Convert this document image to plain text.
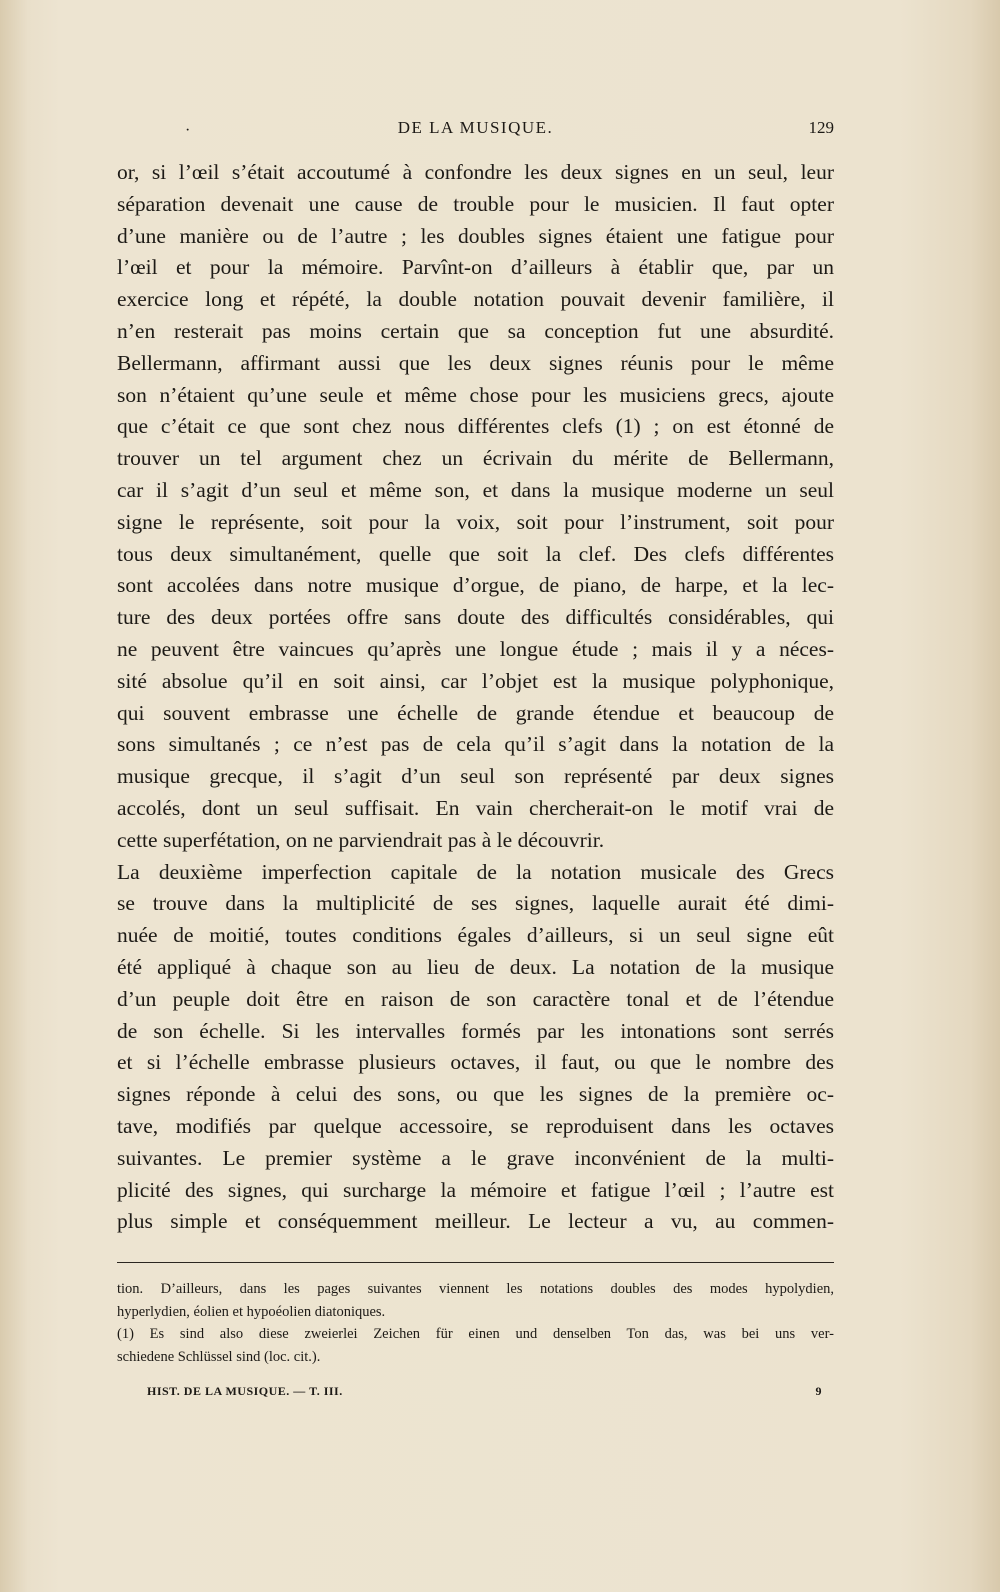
·	DE LA MUSIQUE.	129
or, si l’œil s’était accoutumé à confondre les deux signes en un seul, leur
séparation devenait une cause de trouble pour le musicien. Il faut opter
d’une manière ou de l’autre ; les doubles signes étaient une fatigue pour
l’œil et pour la mémoire. Parvînt-on d’ailleurs à établir que, par un
exercice long et répété, la double notation pouvait devenir familière, il
n’en resterait pas moins certain que sa conception fut une absurdité.
Bellermann, affirmant aussi que les deux signes réunis pour le même
son n’étaient qu’une seule et même chose pour les musiciens grecs, ajoute
que c’était ce que sont chez nous différentes clefs (1) ; on est étonné de
trouver un tel argument chez un écrivain du mérite de Bellermann,
car il s’agit d’un seul et même son, et dans la musique moderne un seul
signe le représente, soit pour la voix, soit pour l’instrument, soit pour
tous deux simultanément, quelle que soit la clef. Des clefs différentes
sont accolées dans notre musique d’orgue, de piano, de harpe, et la lec-
ture des deux portées offre sans doute des difficultés considérables, qui
ne peuvent être vaincues qu’après une longue étude ; mais il y a néces-
sité absolue qu’il en soit ainsi, car l’objet est la musique polyphonique,
qui souvent embrasse une échelle de grande étendue et beaucoup de
sons simultanés ; ce n’est pas de cela qu’il s’agit dans la notation de la
musique grecque, il s’agit d’un seul son représenté par deux signes
accolés, dont un seul suffisait. En vain chercherait-on le motif vrai de
cette superfétation, on ne parviendrait pas à le découvrir.
La deuxième imperfection capitale de la notation musicale des Grecs
se trouve dans la multiplicité de ses signes, laquelle aurait été dimi-
nuée de moitié, toutes conditions égales d’ailleurs, si un seul signe eût
été appliqué à chaque son au lieu de deux. La notation de la musique
d’un peuple doit être en raison de son caractère tonal et de l’étendue
de son échelle. Si les intervalles formés par les intonations sont serrés
et si l’échelle embrasse plusieurs octaves, il faut, ou que le nombre des
signes réponde à celui des sons, ou que les signes de la première oc-
tave, modifiés par quelque accessoire, se reproduisent dans les octaves
suivantes. Le premier système a le grave inconvénient de la multi-
plicité des signes, qui surcharge la mémoire et fatigue l’œil ; l’autre est
plus simple et conséquemment meilleur. Le lecteur a vu, au commen-
tion. D’ailleurs, dans les pages suivantes viennent les notations doubles des modes hypolydien,
hyperlydien, éolien et hypoéolien diatoniques.
(1) Es sind also diese zweierlei Zeichen für einen und denselben Ton das, was bei uns ver-
schiedene Schlüssel sind (loc. cit.).
HIST. DE LA MUSIQUE. — T. III.	9
